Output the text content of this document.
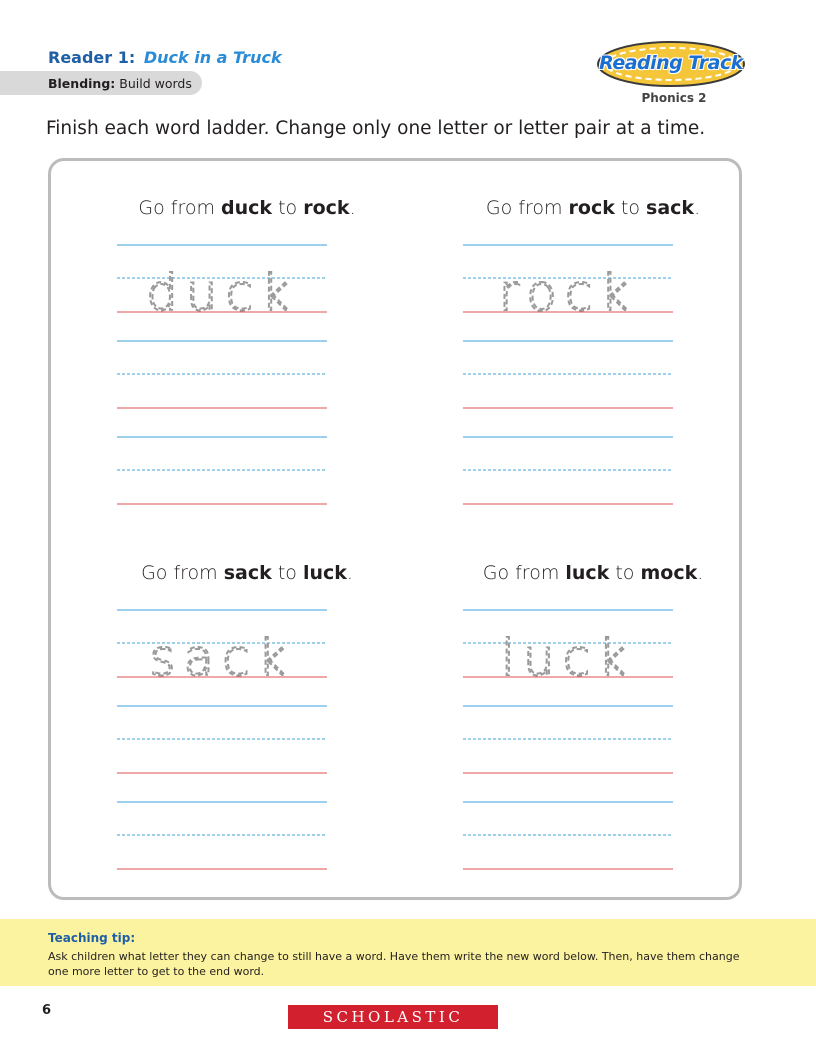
Reader 1: Duck in a Truck
Blending: Build words
Reading Track
Phonics 2
Finish each word ladder. Change only one letter or letter pair at a time.
Go from duck to rock.
duck
Go from rock to sack.
rock
Go from sack to luck.
sack
Go from luck to mock.
luck
Teaching tip:
Ask children what letter they can change to still have a word. Have them write the new word below. Then, have them change one more letter to get to the end word.
6	SCHOLASTIC
